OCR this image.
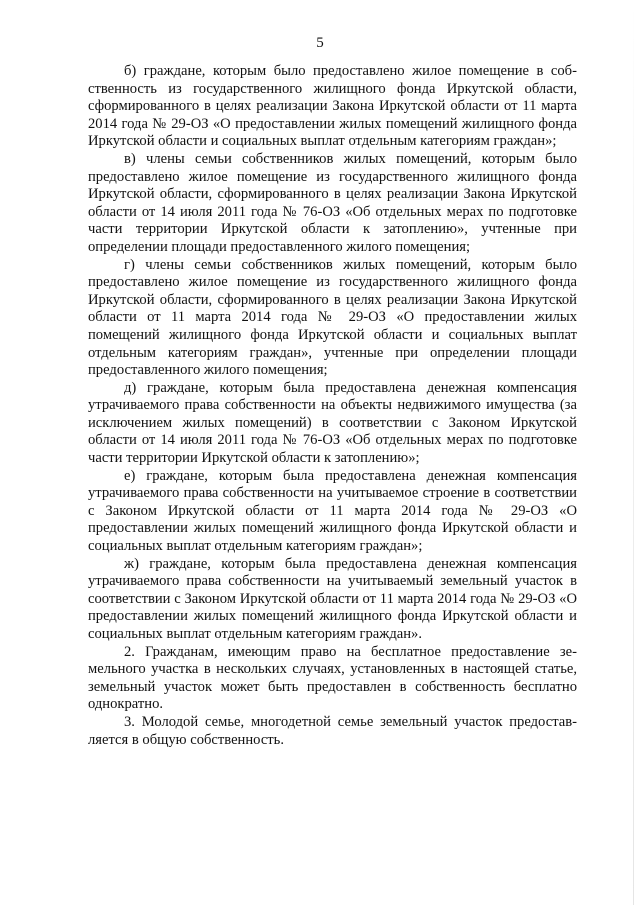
5

б) граждане, которым было предоставлено жилое помещение в собственность из государственного жилищного фонда Иркутской области, сформированного в целях реализации Закона Иркутской области от 11 марта 2014 года № 29-ОЗ «О предоставлении жилых помещений жилищного фонда Иркутской области и социальных выплат отдельным категориям граждан»;

в) члены семьи собственников жилых помещений, которым было предоставлено жилое помещение из государственного жилищного фонда Иркутской области, сформированного в целях реализации Закона Иркутской области от 14 июля 2011 года № 76-ОЗ «Об отдельных мерах по подготовке части территории Иркутской области к затоплению», учтенные при определении площади предоставленного жилого помещения;

г) члены семьи собственников жилых помещений, которым было предоставлено жилое помещение из государственного жилищного фонда Иркутской области, сформированного в целях реализации Закона Иркутской области от 11 марта 2014 года № 29-ОЗ «О предоставлении жилых помещений жилищного фонда Иркутской области и социальных выплат отдельным категориям граждан», учтенные при определении площади предоставленного жилого помещения;

д) граждане, которым была предоставлена денежная компенсация утрачиваемого права собственности на объекты недвижимого имущества (за исключением жилых помещений) в соответствии с Законом Иркутской области от 14 июля 2011 года № 76-ОЗ «Об отдельных мерах по подготовке части территории Иркутской области к затоплению»;

е) граждане, которым была предоставлена денежная компенсация утрачиваемого права собственности на учитываемое строение в соответствии с Законом Иркутской области от 11 марта 2014 года № 29-ОЗ «О предоставлении жилых помещений жилищного фонда Иркутской области и социальных выплат отдельным категориям граждан»;

ж) граждане, которым была предоставлена денежная компенсация утрачиваемого права собственности на учитываемый земельный участок в соответствии с Законом Иркутской области от 11 марта 2014 года № 29-ОЗ «О предоставлении жилых помещений жилищного фонда Иркутской области и социальных выплат отдельным категориям граждан».

2. Гражданам, имеющим право на бесплатное предоставление земельного участка в нескольких случаях, установленных в настоящей статье, земельный участок может быть предоставлен в собственность бесплатно однократно.

3. Молодой семье, многодетной семье земельный участок предоставляется в общую собственность.
